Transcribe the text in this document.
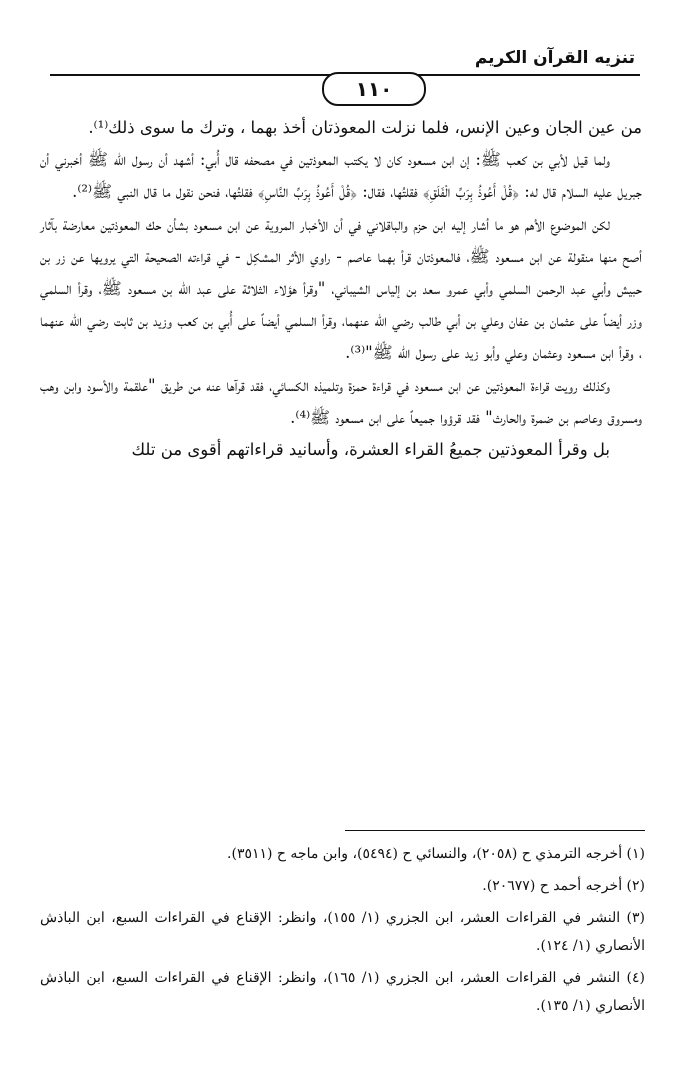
تنزيه القرآن الكريم
١١٠

من عين الجان وعين الإنس، فلما نزلت المعوذتان أخذ بهما ، وترك ما سوى ذلك⁽¹⁾.

ولما قيل لأبي بن كعب ﷺ: إن ابن مسعود كان لا يكتب المعوذتين في مصحفه قال أُبي: أشهد أن رسول الله ﷺ أخبرني أن جبريل عليه السلام قال له: ﴿قُلْ أَعُوذُ بِرَبِّ الْفَلَقِ﴾ فقلتُها، فقال: ﴿قُلْ أَعُوذُ بِرَبِّ النَّاسِ﴾ فقلتُها، فنحن نقول ما قال النبي ﷺ⁽²⁾.

لكن الموضوع الأهم هو ما أشار إليه ابن حزم والباقلاني في أن الأخبار المروية عن ابن مسعود بشأن حك المعوذتين معارضة بآثار أصح منها منقولة عن ابن مسعود ﷺ، فالمعوذتان قرأ بهما عاصم - راوي الأثر المشكِل - في قراءته الصحيحة التي يرويها عن زر بن حبيش وأبي عبد الرحمن السلمي وأبي عمرو سعد بن إلياس الشيباني، "وقرأ هؤلاء الثلاثة على عبد الله بن مسعود ﷺ، وقرأ السلمي وزر أيضاً على عثمان بن عفان وعلي بن أبي طالب رضي الله عنهما، وقرأ السلمي أيضاً على أُبي بن كعب وزيد بن ثابت رضي الله عنهما ، وقرأ ابن مسعود وعثمان وعلي وأبو زيد على رسول الله ﷺ"⁽³⁾.

وكذلك رويت قراءة المعوذتين عن ابن مسعود في قراءة حمزة وتلميذه الكسائي، فقد قرآها عنه من طريق "علقمة والأسود وابن وهب ومسروق وعاصم بن ضمرة والحارث" فقد قرؤوا جميعاً على ابن مسعود ﷺ⁽⁴⁾.

بل وقرأ المعوذتين جميعُ القراء العشرة، وأسانيد قراءاتهم أقوى من تلك

(١) أخرجه الترمذي ح (٢٠٥٨)، والنسائي ح (٥٤٩٤)، وابن ماجه ح (٣٥١١).

(٢) أخرجه أحمد ح (٢٠٦٧٧).

(٣) النشر في القراءات العشر، ابن الجزري (١/ ١٥٥)، وانظر: الإقناع في القراءات السبع، ابن الباذش الأنصاري (١/ ١٢٤).

(٤) النشر في القراءات العشر، ابن الجزري (١/ ١٦٥)، وانظر: الإقناع في القراءات السبع، ابن الباذش الأنصاري (١/ ١٣٥).
